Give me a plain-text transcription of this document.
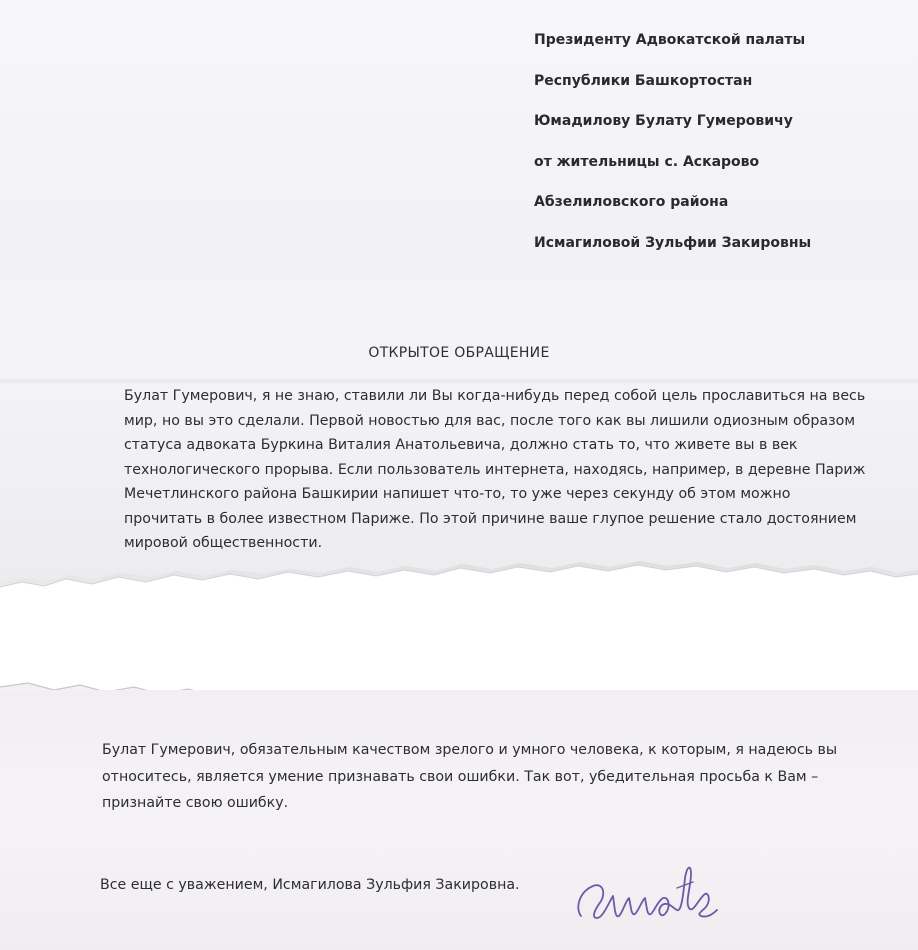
Президенту Адвокатской палаты
Республики Башкортостан
Юмадилову Булату Гумеровичу
от жительницы с. Аскарово
Абзелиловского района
Исмагиловой Зульфии Закировны
ОТКРЫТОЕ ОБРАЩЕНИЕ

Булат Гумерович, я не знаю, ставили ли Вы когда-нибудь перед собой цель прославиться на весь мир, но вы это сделали. Первой новостью для вас, после того как вы лишили одиозным образом статуса адвоката Буркина Виталия Анатольевича, должно стать то, что живете вы в век технологического прорыва. Если пользователь интернета, находясь, например, в деревне Париж Мечетлинского района Башкирии напишет что-то, то уже через секунду об этом можно прочитать в более известном Париже. По этой причине ваше глупое решение стало достоянием мировой общественности.

Булат Гумерович, обязательным качеством зрелого и умного человека, к которым, я надеюсь вы относитесь, является умение признавать свои ошибки. Так вот, убедительная просьба к Вам – признайте свою ошибку.

Все еще с уважением, Исмагилова Зульфия Закировна.
